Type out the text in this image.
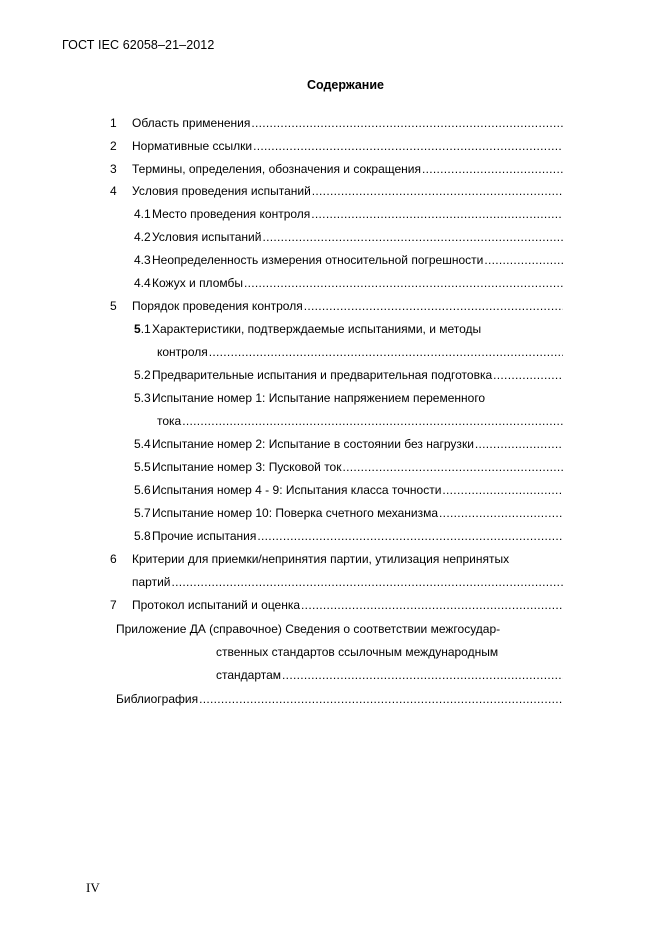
ГОСТ IEC 62058–21–2012
Содержание
1 Область применения
.....
2 Нормативные ссылки
.....
3 Термины, определения, обозначения и сокращения
.....
4 Условия проведения испытаний
.....
4.1 Место проведения контроля
.....
4.2 Условия испытаний
.....
4.3 Неопределенность измерения относительной погрешности
.....
4.4 Кожух и пломбы
.....
5 Порядок проведения контроля
.....
5.1 Характеристики, подтверждаемые испытаниями, и методы
контроля
.....
5.2 Предварительные испытания и предварительная подготовка
.....
5.3 Испытание номер 1: Испытание напряжением переменного
тока
.....
5.4 Испытание номер 2: Испытание в состоянии без нагрузки
.....
5.5 Испытание номер 3: Пусковой ток
.....
5.6 Испытания номер 4 - 9: Испытания класса точности
.....
5.7 Испытание номер 10: Поверка счетного механизма
.....
5.8 Прочие испытания
.....
6 Критерии для приемки/непринятия партии, утилизация непринятых
партий
.....
7 Протокол испытаний и оценка
.....
Приложение ДА (справочное) Сведения о соответствии межгосудар-
ственных стандартов ссылочным международным
стандартам
.....
Библиография
.....
IV
